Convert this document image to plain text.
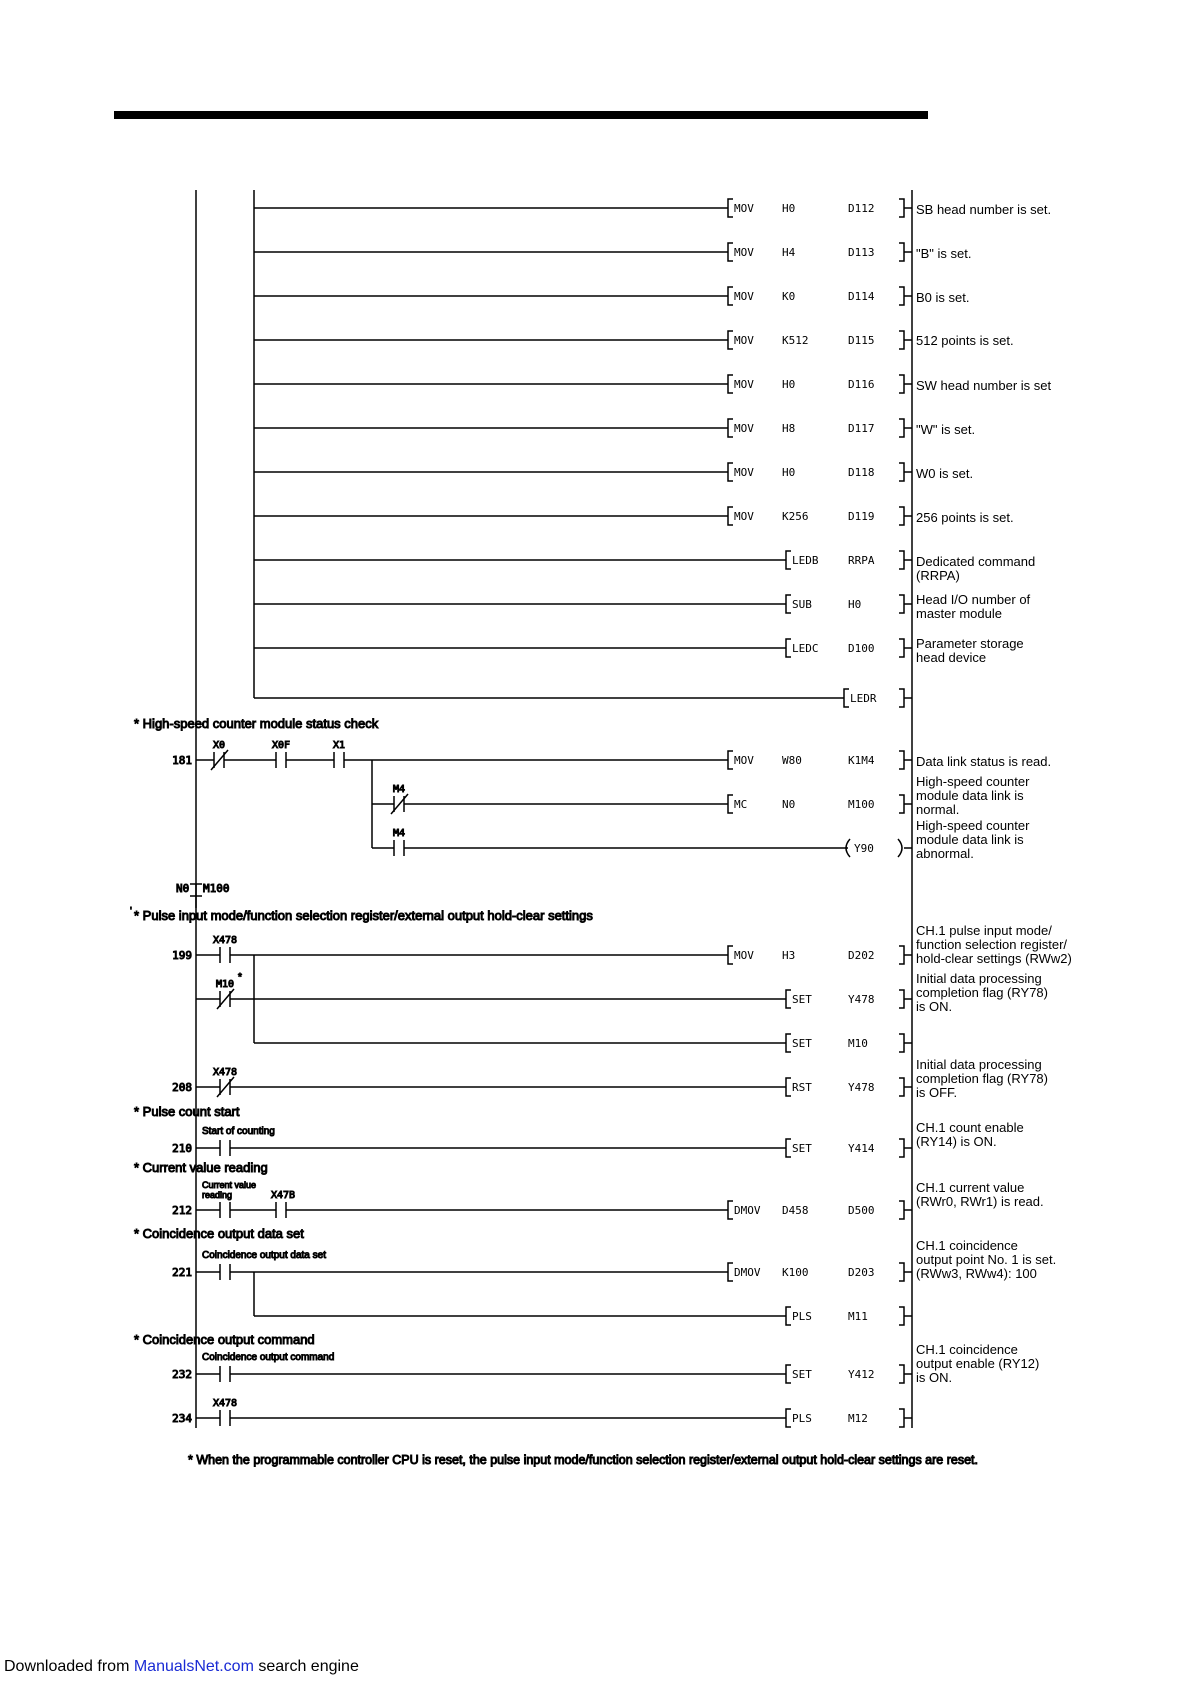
MOV	H0	D112	SB head number is set.
MOV	H4	D113	"B" is set.
MOV	K0	D114	B0 is set.
MOV	K512	D115	512 points is set.
MOV	H0	D116	SW head number is set
MOV	H8	D117	"W" is set.
MOV	H0	D118	W0 is set.
MOV	K256	D119	256 points is set.
LEDB	RRPA	Dedicated command
(RRPA)
SUB	H0	Head I/O number of
master module
LEDC	D100	Parameter storage
head device
LEDR
MOV	W80	K1M4	Data link status is read.
MC	N0	M100
High-speed counter
module data link is
normal.
Y90
High-speed counter
module data link is
abnormal.
MOV	H3	D202
CH.1 pulse input mode/
function selection register/
hold-clear settings (RWw2)
SET	Y478
Initial data processing
completion flag (RY78)
is ON.
SET	M10
RST	Y478
Initial data processing
completion flag (RY78)
is OFF.
SET	Y414
CH.1 count enable
(RY14) is ON.
DMOV D458	D500
CH.1 current value
(RWr0, RWr1) is read.
DMOV K100	D203
CH.1 coincidence
output point No. 1 is set.
(RWw3, RWw4): 100
PLS	M11
SET	Y412
CH.1 coincidence
output enable (RY12)
is ON.
PLS	M12
* High-speed counter module status check
' * Pulse input mode/function selection register/external output hold-clear settings
* Pulse count start
* Current value reading
* Coincidence output data set
* Coincidence output command
181
199
208
210
212
221
232
234
N0 M100
X0	X0F	X1
M4
M4
X478
M10
*
X478
Start of counting
Current value
reading	X47B
Coincidence output data set
Coincidence output command
X478
* When the programmable controller CPU is reset, the pulse input mode/function selection register/external output hold-clear settings are reset.
Downloaded from ManualsNet.com search engine
